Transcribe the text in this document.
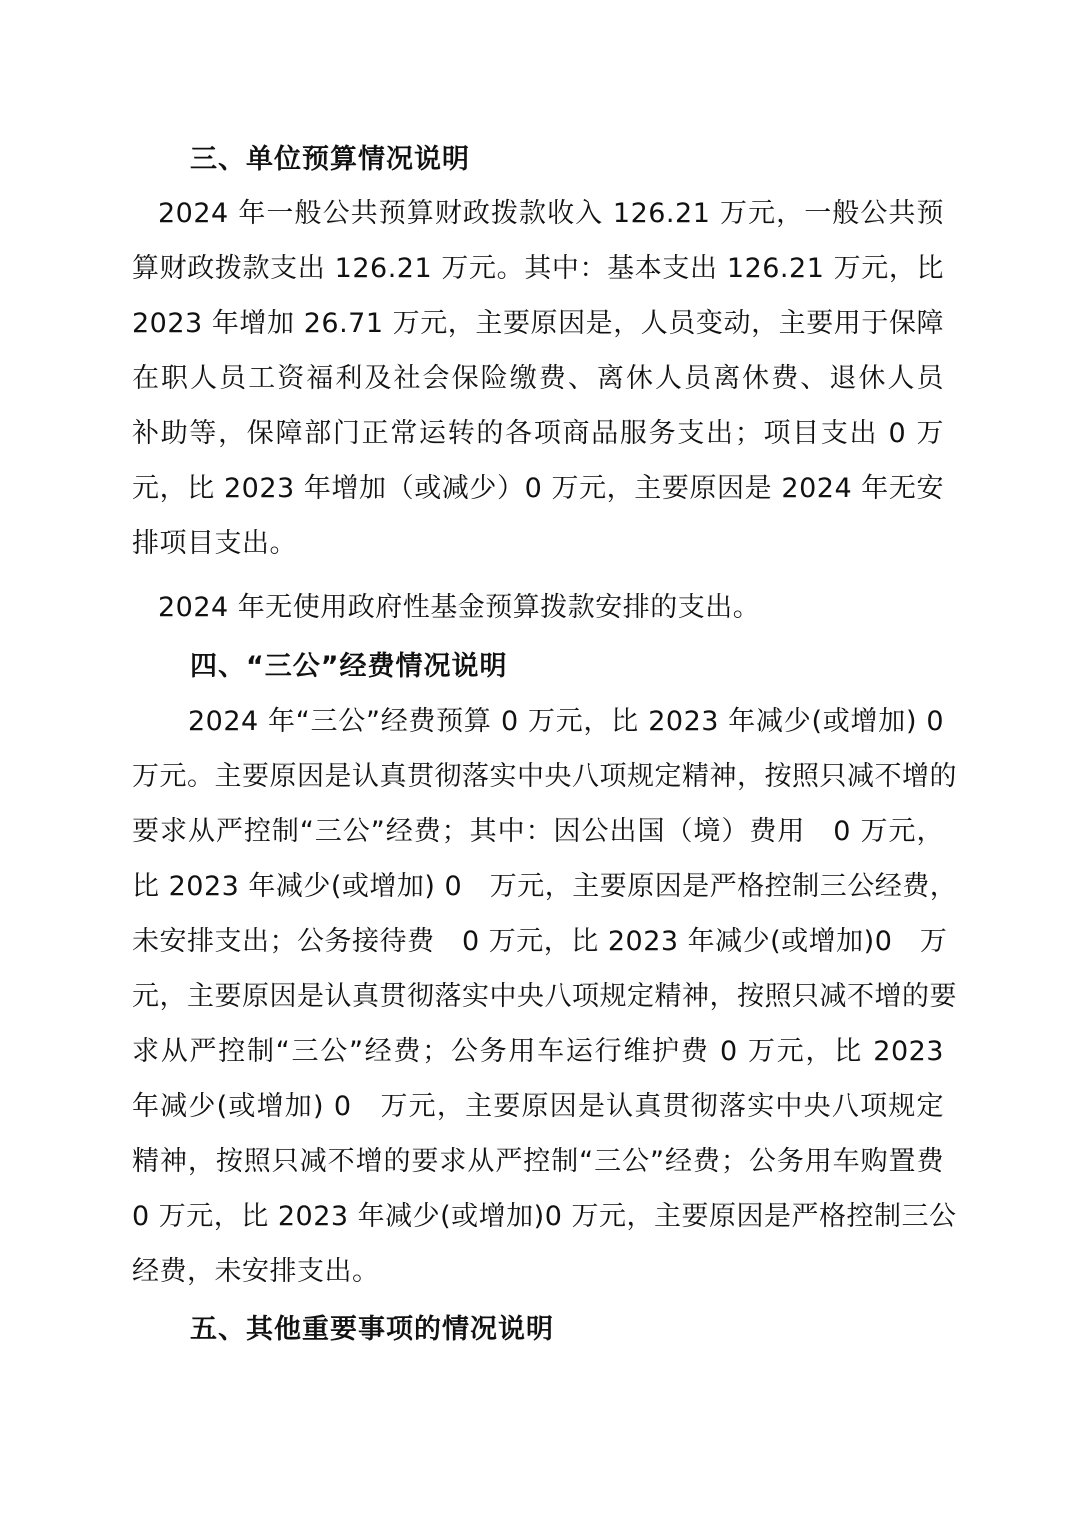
三、单位预算情况说明
2024 年一般公共预算财政拨款收入 126.21 万元，一般公共预
算财政拨款支出 126.21 万元。其中：基本支出 126.21 万元，比
2023 年增加 26.71 万元，主要原因是，人员变动，主要用于保障
在职人员工资福利及社会保险缴费、离休人员离休费、退休人员
补助等，保障部门正常运转的各项商品服务支出；项目支出 0 万
元，比 2023 年增加（或减少）0 万元，主要原因是 2024 年无安
排项目支出。
2024 年无使用政府性基金预算拨款安排的支出。
四、“三公”经费情况说明
2024 年“三公”经费预算 0 万元，比 2023 年减少(或增加) 0
万元。主要原因是认真贯彻落实中央八项规定精神，按照只减不增的
要求从严控制“三公”经费；其中：因公出国（境）费用　0 万元，
比 2023 年减少(或增加) 0　万元，主要原因是严格控制三公经费，
未安排支出；公务接待费　0 万元，比 2023 年减少(或增加)0　万
元，主要原因是认真贯彻落实中央八项规定精神，按照只减不增的要
求从严控制“三公”经费；公务用车运行维护费 0 万元，比 2023
年减少(或增加) 0　万元，主要原因是认真贯彻落实中央八项规定
精神，按照只减不增的要求从严控制“三公”经费；公务用车购置费
0 万元，比 2023 年减少(或增加)0 万元，主要原因是严格控制三公
经费，未安排支出。
五、其他重要事项的情况说明
